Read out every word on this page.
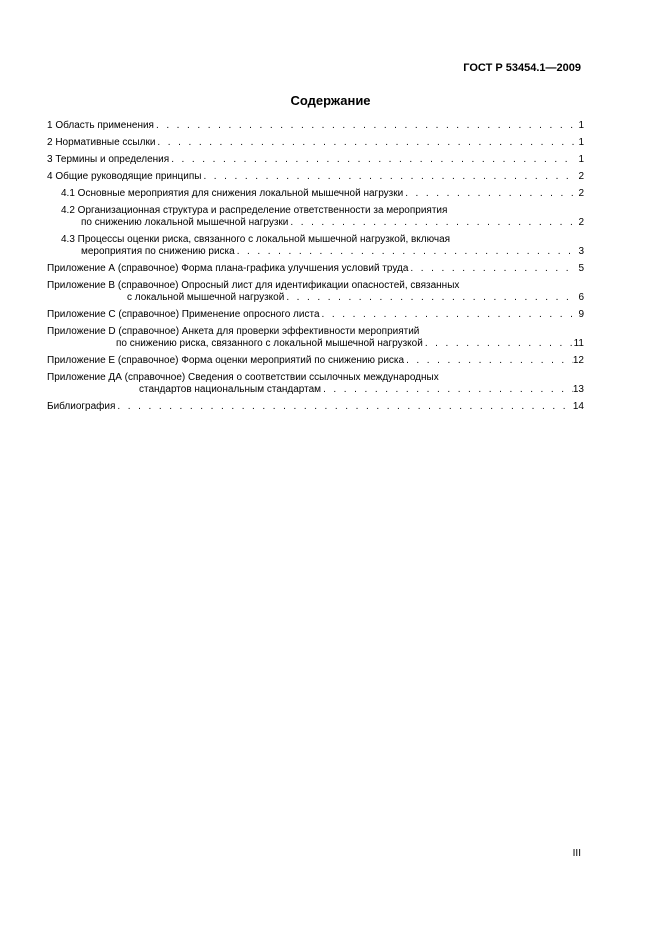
ГОСТ Р 53454.1—2009
Содержание
1 Область применения . . .	1
2 Нормативные ссылки . . .	1
3 Термины и определения . . .	1
4 Общие руководящие принципы . . .	2
4.1 Основные мероприятия для снижения локальной мышечной нагрузки . . .	2
4.2 Организационная структура и распределение ответственности за мероприятия
по снижению локальной мышечной нагрузки . . .	2
4.3 Процессы оценки риска, связанного с локальной мышечной нагрузкой, включая
мероприятия по снижению риска . . .	3
Приложение А (справочное) Форма плана-графика улучшения условий труда . . .	5
Приложение В (справочное) Опросный лист для идентификации опасностей, связанных
с локальной мышечной нагрузкой . . .	6
Приложение С (справочное) Применение опросного листа . . .	9
Приложение D (справочное) Анкета для проверки эффективности мероприятий
по снижению риска, связанного с локальной мышечной нагрузкой . . .	11
Приложение Е (справочное) Форма оценки мероприятий по снижению риска . . .	12
Приложение ДА (справочное) Сведения о соответствии ссылочных международных
стандартов национальным стандартам . . .	13
Библиография . . .	14
III
